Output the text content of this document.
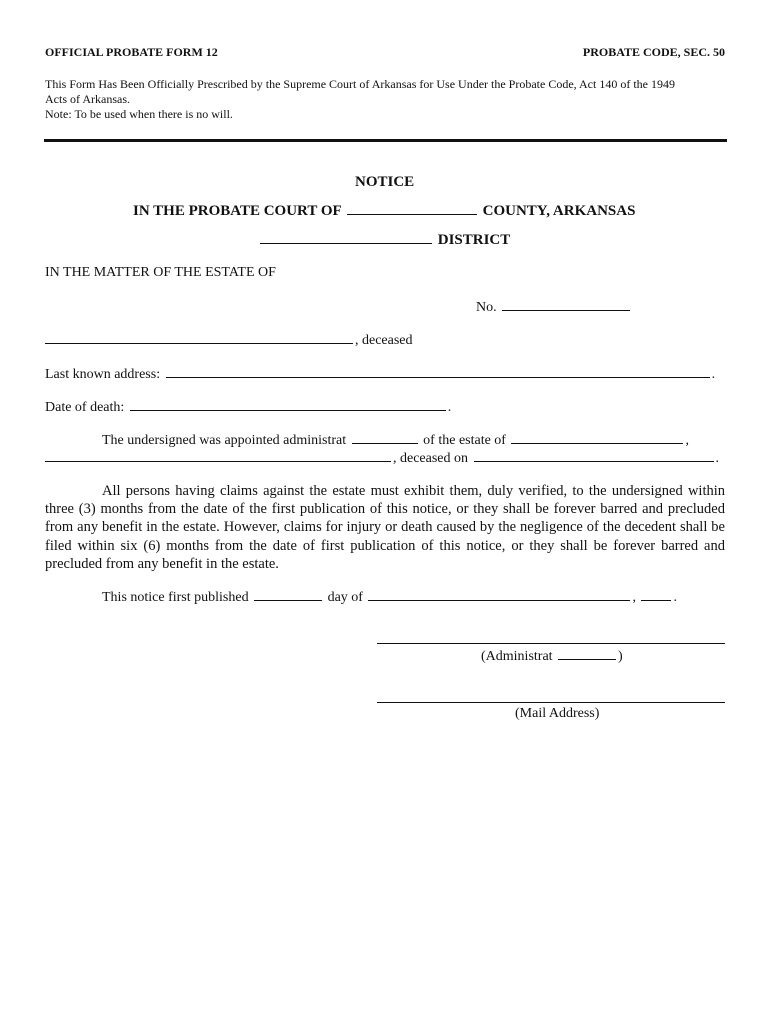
OFFICIAL PROBATE FORM 12	PROBATE CODE, SEC. 50
This Form Has Been Officially Prescribed by the Supreme Court of Arkansas for Use Under the Probate Code, Act 140 of the 1949
Acts of Arkansas.
Note: To be used when there is no will.
NOTICE
IN THE PROBATE COURT OF	COUNTY, ARKANSAS
DISTRICT
IN THE MATTER OF THE ESTATE OF
No.
, deceased
Last known address:	.
Date of death:	.
The undersigned was appointed administrat	of the estate of	,
, deceased on	.
All persons having claims against the estate must exhibit them, duly verified, to the undersigned within three (3) months from the date of the first publication of this notice, or they shall be forever barred and precluded from any benefit in the estate. However, claims for injury or death caused by the negligence of the decedent shall be filed within six (6) months from the date of first publication of this notice, or they shall be forever barred and precluded from any benefit in the estate.
This notice first published	day of	,	.
(Administrat	)
(Mail Address)
